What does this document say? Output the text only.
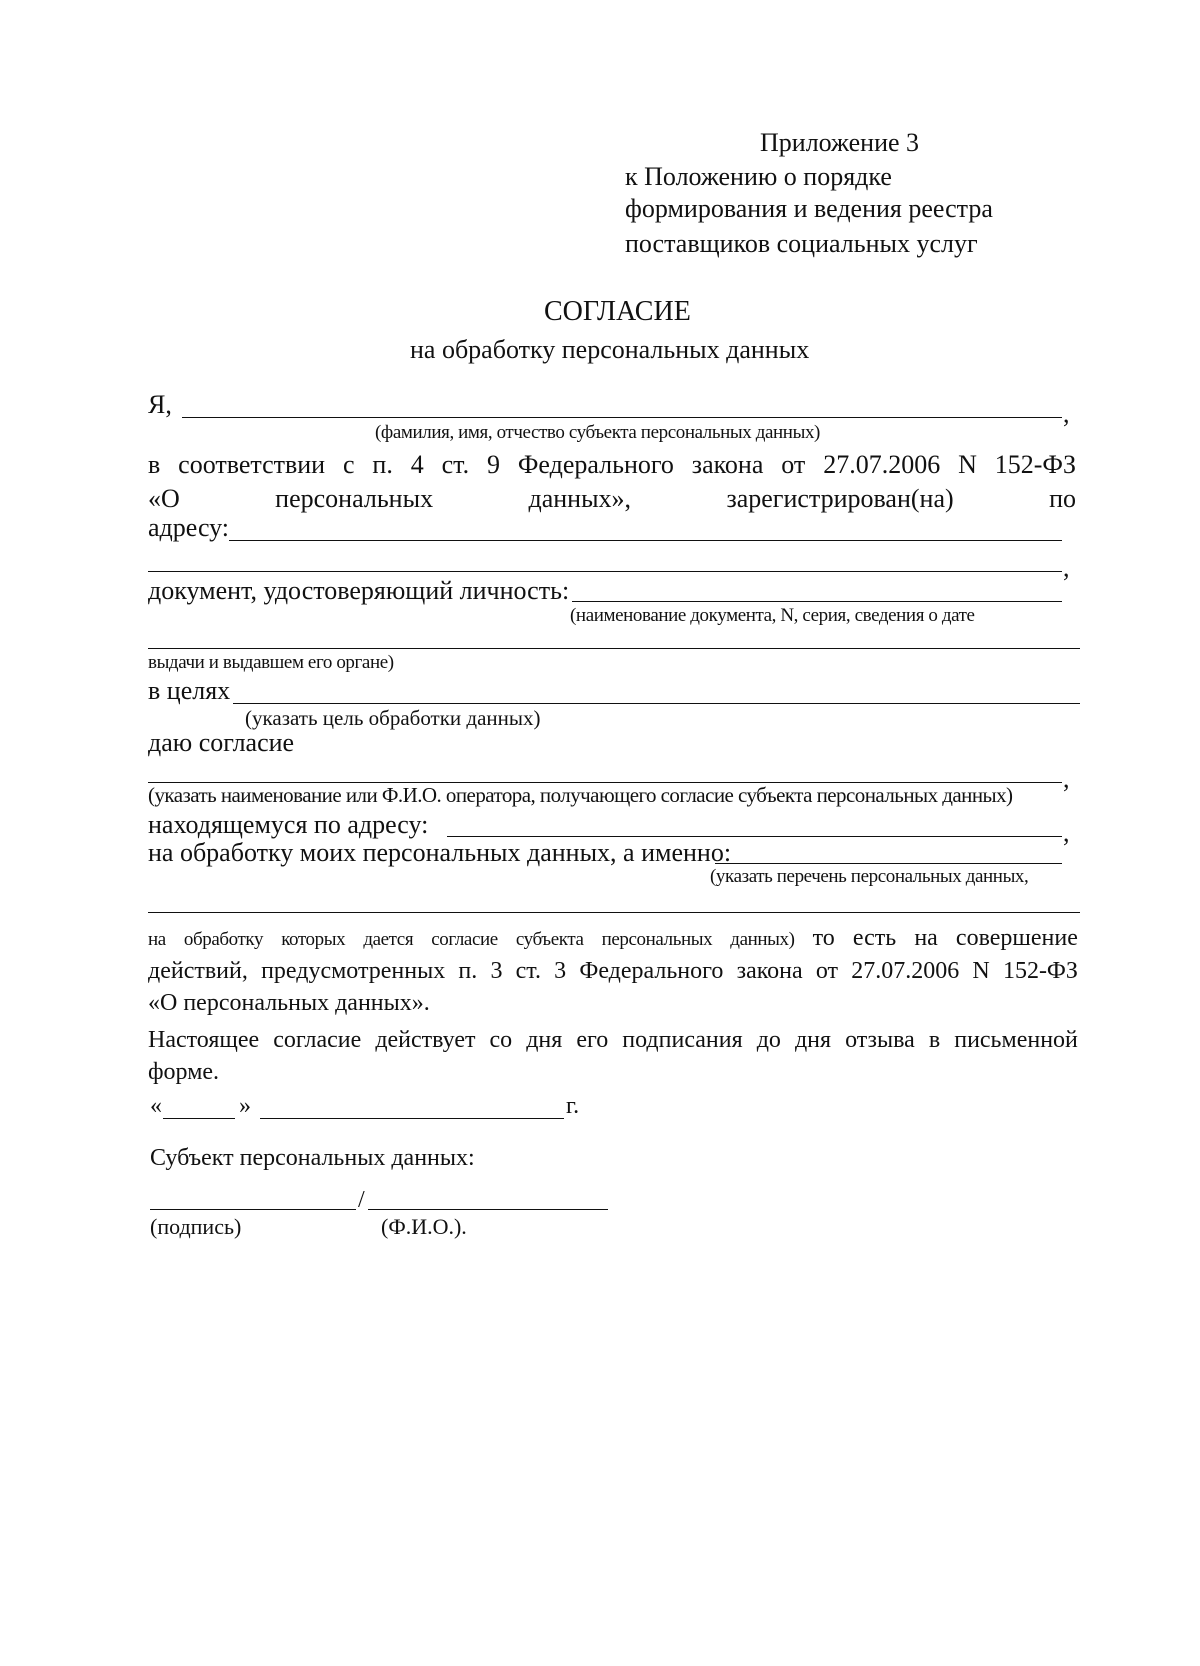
Приложение 3
к Положению о порядке
формирования и ведения реестра
поставщиков социальных услуг
СОГЛАСИЕ
на обработку персональных данных
Я,	,
(фамилия, имя, отчество субъекта персональных данных)
в соответствии с п. 4 ст. 9 Федерального закона от 27.07.2006 N 152-ФЗ
«О	персональных	данных»,	зарегистрирован(на)	по
адресу:
,
документ, удостоверяющий личность:
(наименование документа, N, серия, сведения о дате
выдачи и выдавшем его органе)
в целях
(указать цель обработки данных)
даю согласие
,
(указать наименование или Ф.И.О. оператора, получающего согласие субъекта персональных данных)
находящемуся по адресу:	,
на обработку моих персональных данных, а именно:
(указать перечень персональных данных,
на обработку которых дается согласие субъекта персональных данных) то есть на совершение
действий, предусмотренных п. 3 ст. 3 Федерального закона от 27.07.2006 N 152-ФЗ
«О персональных данных».
Настоящее согласие действует со дня его подписания до дня отзыва в письменной
форме.
«	»	г.
Субъект персональных данных:
/
(подпись)	(Ф.И.О.).
